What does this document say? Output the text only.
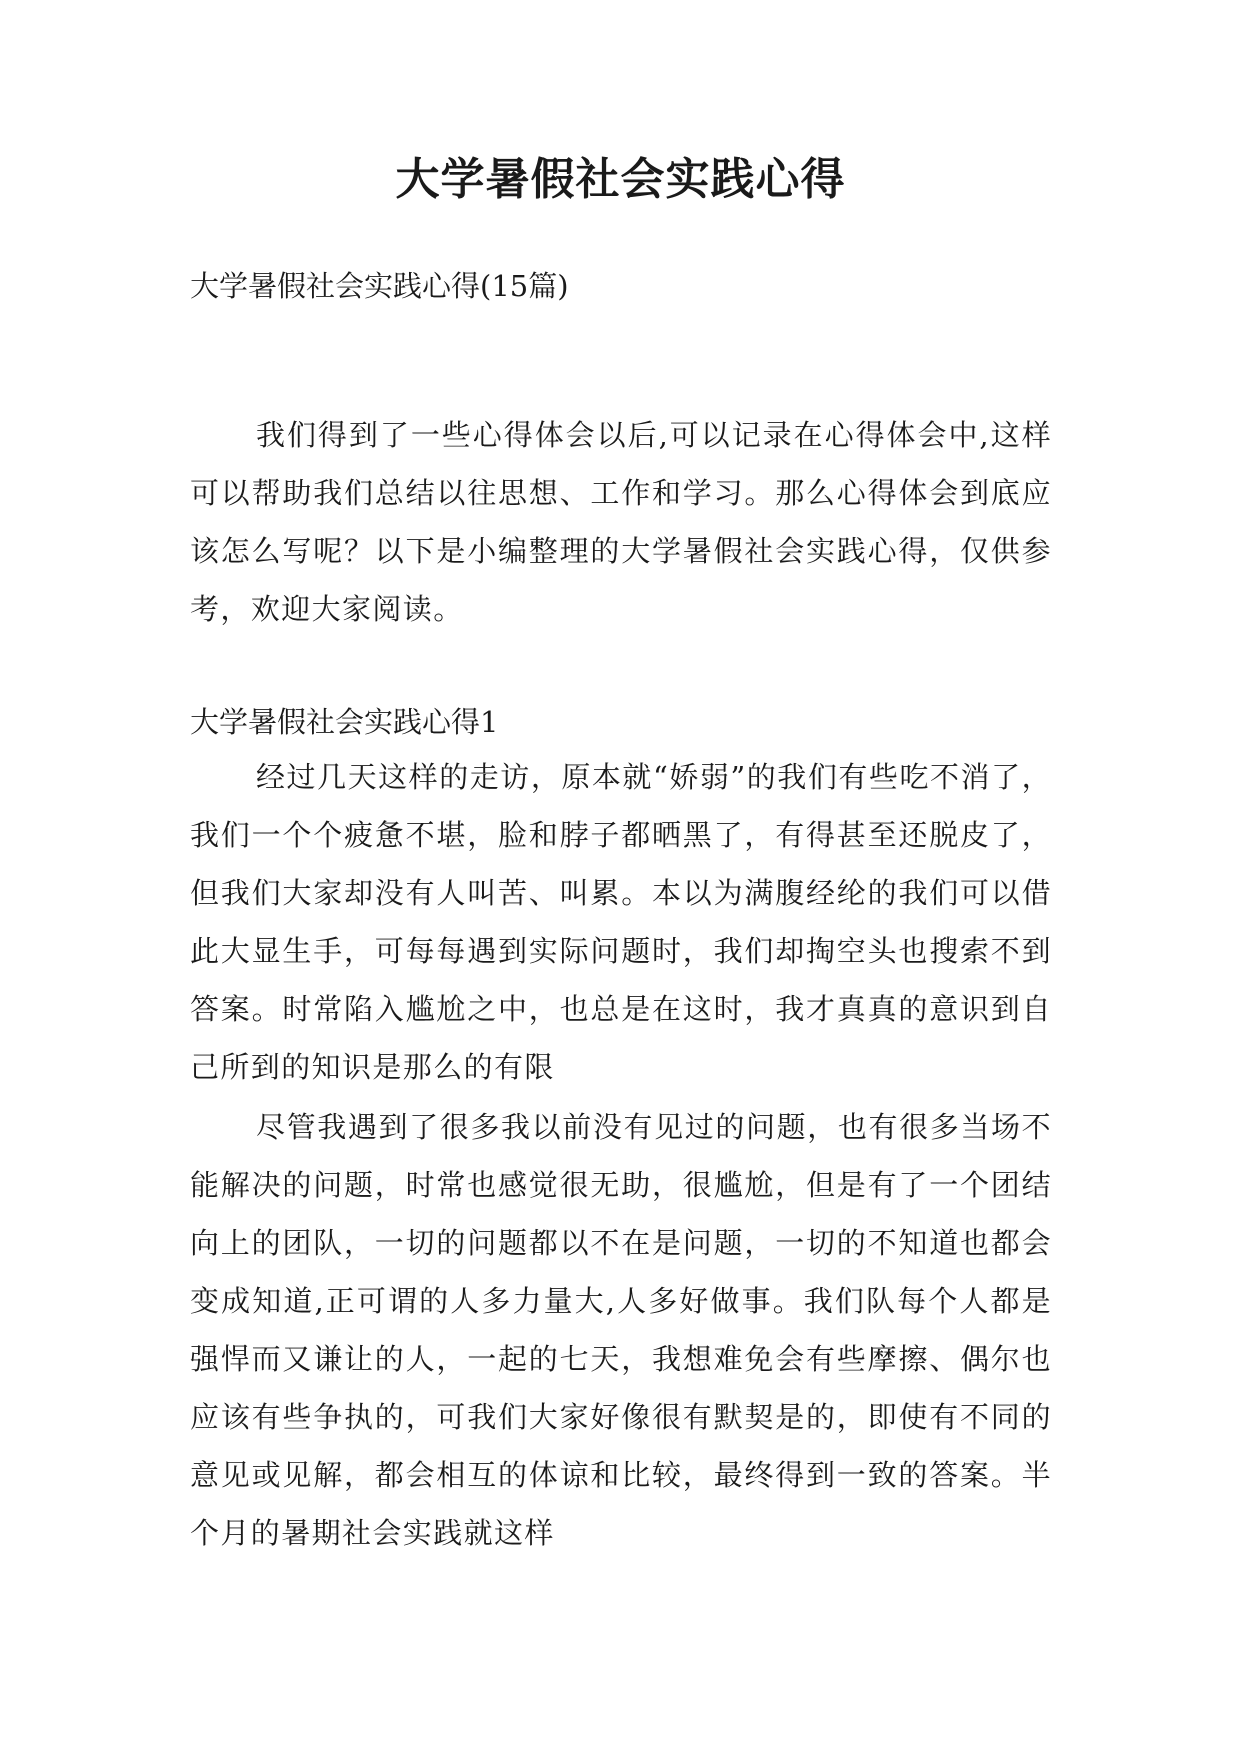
大学暑假社会实践心得

大学暑假社会实践心得(15篇)

我们得到了一些心得体会以后,可以记录在心得体会中,这样可以帮助我们总结以往思想、工作和学习。那么心得体会到底应该怎么写呢？以下是小编整理的大学暑假社会实践心得，仅供参考，欢迎大家阅读。

大学暑假社会实践心得1

经过几天这样的走访，原本就“娇弱”的我们有些吃不消了，我们一个个疲惫不堪，脸和脖子都晒黑了，有得甚至还脱皮了，但我们大家却没有人叫苦、叫累。本以为满腹经纶的我们可以借此大显生手，可每每遇到实际问题时，我们却掏空头也搜索不到答案。时常陷入尴尬之中，也总是在这时，我才真真的意识到自己所到的知识是那么的有限

尽管我遇到了很多我以前没有见过的问题，也有很多当场不能解决的问题，时常也感觉很无助，很尴尬，但是有了一个团结向上的团队，一切的问题都以不在是问题，一切的不知道也都会变成知道,正可谓的人多力量大,人多好做事。我们队每个人都是强悍而又谦让的人，一起的七天，我想难免会有些摩擦、偶尔也应该有些争执的，可我们大家好像很有默契是的，即使有不同的意见或见解，都会相互的体谅和比较，最终得到一致的答案。半个月的暑期社会实践就这样
